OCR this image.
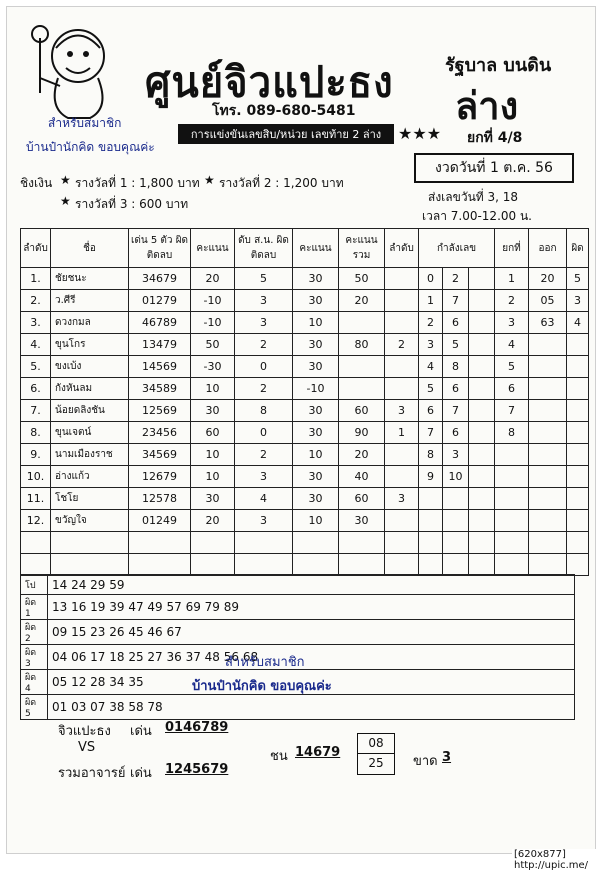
สำหรับสมาชิก
บ้านป๋านักคิด ขอบคุณค่ะ
ศูนย์จิวแปะธง
โทร. 089-680-5481
รัฐบาล บนดิน
ล่าง
การแข่งขันเลขสิบ/หน่วย เลขท้าย 2 ล่าง	★★★ ยกที่ 4/8
งวดวันที่ 1 ต.ค. 56
ชิงเงิน ★ รางวัลที่ 1 : 1,800 บาท ★ รางวัลที่ 2 : 1,200 บาท
★ รางวัลที่ 3 : 600 บาท	ส่งเลขวันที่ 3, 18
เวลา 7.00-12.00 น.
ลำดับ	ชื่อ	เด่น 5 ตัว ผิดติดลบ	คะแนน	ดับ ส.น. ผิดติดลบ	คะแนน	คะแนน รวม	ลำดับ	กำลังเลข			ยกที่	ออก	ผิด
1.	ชัยชนะ	34679	20	5	30	50		0	2		1	20	5
2.	ว.ศีรี	01279	-10	3	30	20		1	7		2	05	3
3.	ดวงกมล	46789	-10	3	10			2	6		3	63	4
4.	ขุนโกร	13479	50	2	30	80	2	3	5		4		
5.	ขงเบ้ง	14569	-30	0	30			4	8		5		
6.	กังหันลม	34589	10	2	-10			5	6		6		
7.	น้อยดลิงชัน	12569	30	8	30	60	3	6	7		7		
8.	ขุนเจตน์	23456	60	0	30	90	1	7	6		8		
9.	นามเมืองราช	34569	10	2	10	20		8	3				
10.	อ่างแก้ว	12679	10	3	30	40		9	10				
11.	โชโย	12578	30	4	30	60	3						
12.	ขวัญใจ	01249	20	3	10	30							

โป	14 24 29 59
ผิด 1	13 16 19 39 47 49 57 69 79 89
ผิด 2	09 15 23 26 45 46 67
ผิด 3	04 06 17 18 25 27 36 37 48 56 68
ผิด 4	05 12 28 34 35
ผิด 5	01 03 07 38 58 78
สำหรับสมาชิก
บ้านป๋านักคิด ขอบคุณค่ะ
จิวแปะธง เด่น 0146789
VS
รวมอาจารย์ เด่น 1245679
ชน 14679
08
25	ขาด 3
[620x877] http://upic.me/
